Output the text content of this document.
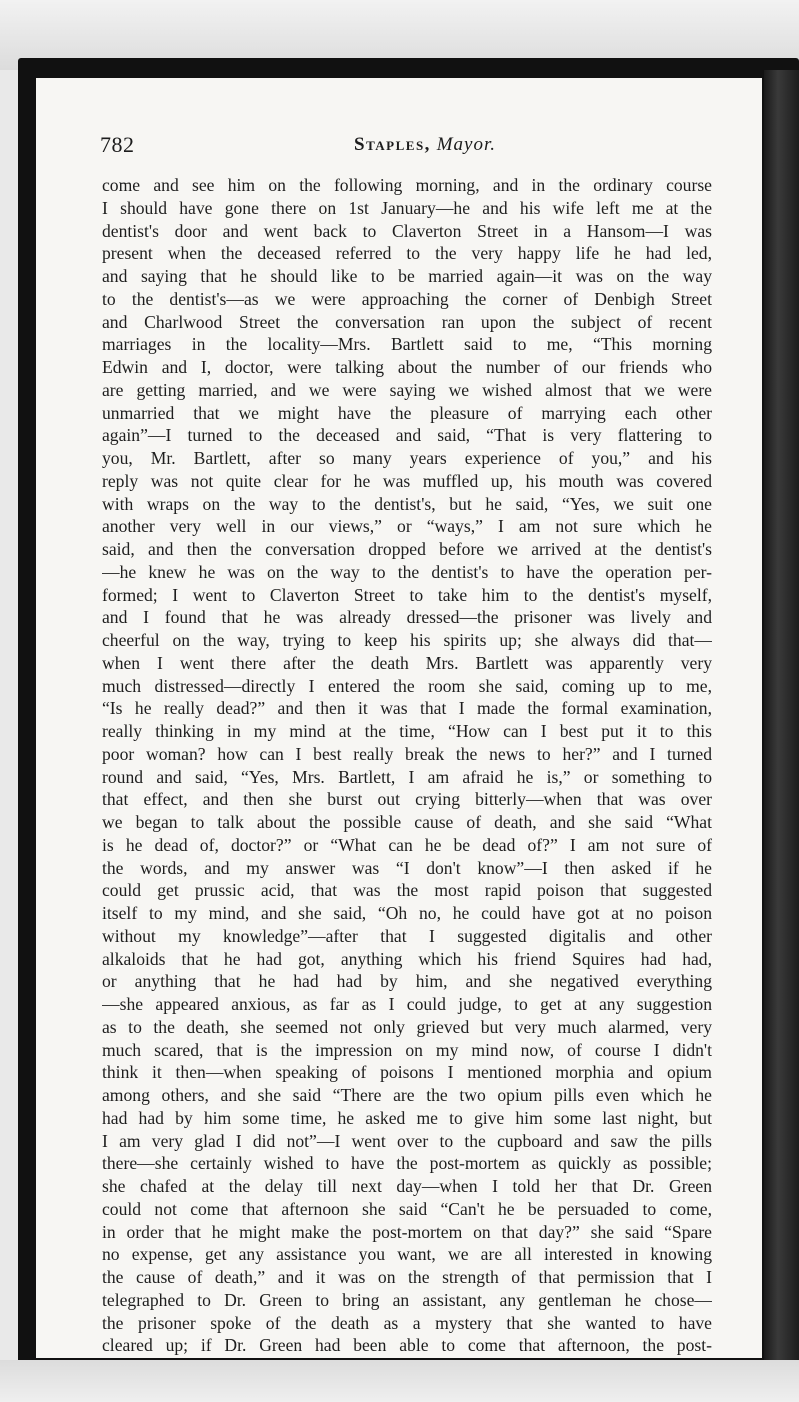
782	Staples, Mayor.
come and see him on the following morning, and in the ordinary course
I should have gone there on 1st January—he and his wife left me at the
dentist's door and went back to Claverton Street in a Hansom—I was
present when the deceased referred to the very happy life he had led,
and saying that he should like to be married again—it was on the way
to the dentist's—as we were approaching the corner of Denbigh Street
and Charlwood Street the conversation ran upon the subject of recent
marriages in the locality—Mrs. Bartlett said to me, “This morning
Edwin and I, doctor, were talking about the number of our friends who
are getting married, and we were saying we wished almost that we were
unmarried that we might have the pleasure of marrying each other
again”—I turned to the deceased and said, “That is very flattering to
you, Mr. Bartlett, after so many years experience of you,” and his
reply was not quite clear for he was muffled up, his mouth was covered
with wraps on the way to the dentist's, but he said, “Yes, we suit one
another very well in our views,” or “ways,” I am not sure which he
said, and then the conversation dropped before we arrived at the dentist's
—he knew he was on the way to the dentist's to have the operation per-
formed; I went to Claverton Street to take him to the dentist's myself,
and I found that he was already dressed—the prisoner was lively and
cheerful on the way, trying to keep his spirits up; she always did that—
when I went there after the death Mrs. Bartlett was apparently very
much distressed—directly I entered the room she said, coming up to me,
“Is he really dead?” and then it was that I made the formal examination,
really thinking in my mind at the time, “How can I best put it to this
poor woman? how can I best really break the news to her?” and I turned
round and said, “Yes, Mrs. Bartlett, I am afraid he is,” or something to
that effect, and then she burst out crying bitterly—when that was over
we began to talk about the possible cause of death, and she said “What
is he dead of, doctor?” or “What can he be dead of?” I am not sure of
the words, and my answer was “I don't know”—I then asked if he
could get prussic acid, that was the most rapid poison that suggested
itself to my mind, and she said, “Oh no, he could have got at no poison
without my knowledge”—after that I suggested digitalis and other
alkaloids that he had got, anything which his friend Squires had had,
or anything that he had had by him, and she negatived everything
—she appeared anxious, as far as I could judge, to get at any suggestion
as to the death, she seemed not only grieved but very much alarmed, very
much scared, that is the impression on my mind now, of course I didn't
think it then—when speaking of poisons I mentioned morphia and opium
among others, and she said “There are the two opium pills even which he
had had by him some time, he asked me to give him some last night, but
I am very glad I did not”—I went over to the cupboard and saw the pills
there—she certainly wished to have the post-mortem as quickly as possible;
she chafed at the delay till next day—when I told her that Dr. Green
could not come that afternoon she said “Can't he be persuaded to come,
in order that he might make the post-mortem on that day?” she said “Spare
no expense, get any assistance you want, we are all interested in knowing
the cause of death,” and it was on the strength of that permission that I
telegraphed to Dr. Green to bring an assistant, any gentleman he chose—
the prisoner spoke of the death as a mystery that she wanted to have
cleared up; if Dr. Green had been able to come that afternoon, the post-
